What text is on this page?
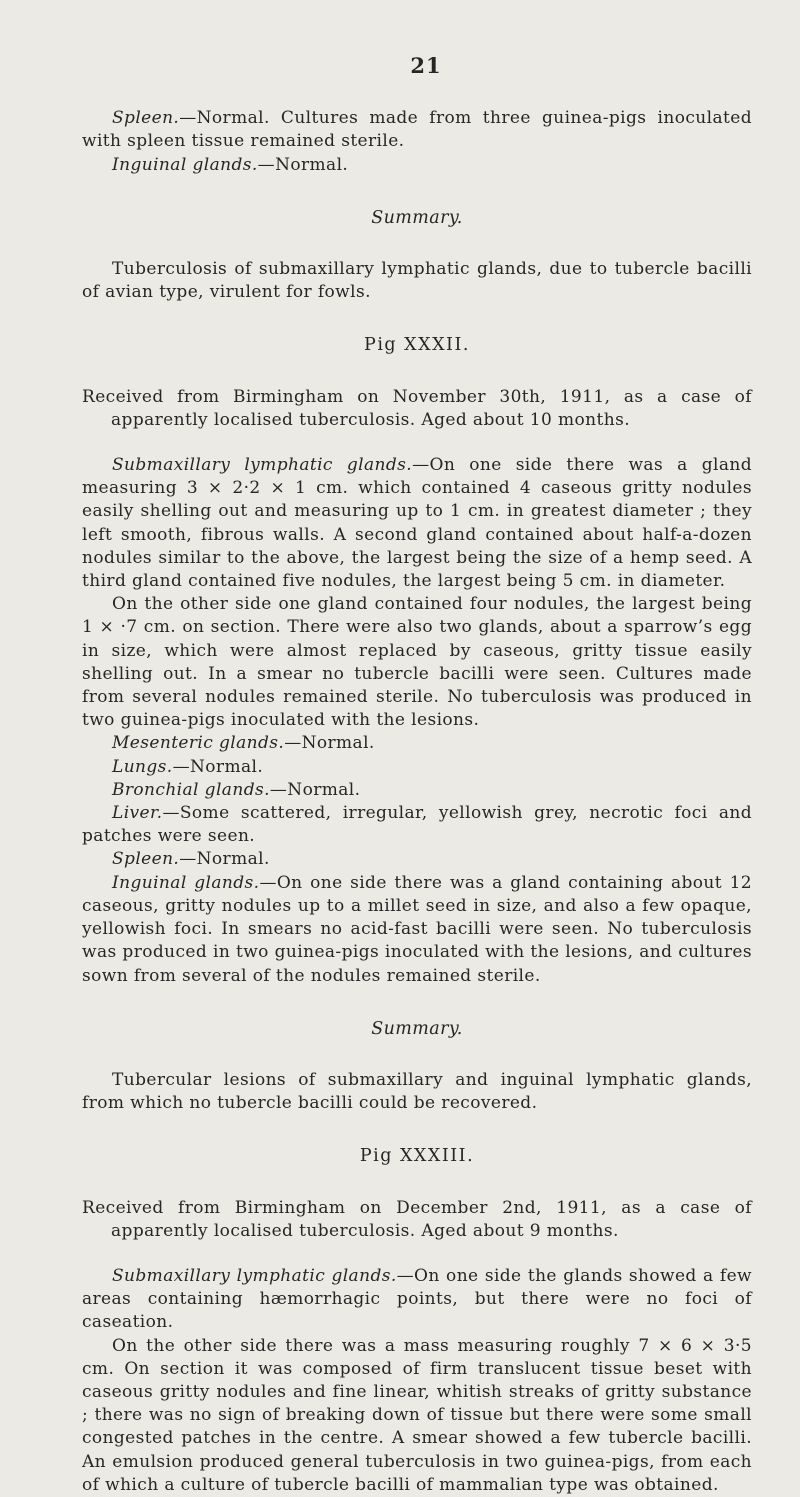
21

Spleen.—Normal. Cultures made from three guinea-pigs inoculated with spleen tissue remained sterile.

Inguinal glands.—Normal.

Summary.

Tuberculosis of submaxillary lymphatic glands, due to tubercle bacilli of avian type, virulent for fowls.

Pig XXXII.

Received from Birmingham on November 30th, 1911, as a case of apparently localised tuberculosis. Aged about 10 months.

Submaxillary lymphatic glands.—On one side there was a gland measuring 3 × 2·2 × 1 cm. which contained 4 caseous gritty nodules easily shelling out and measuring up to 1 cm. in greatest diameter ; they left smooth, fibrous walls. A second gland contained about half-a-dozen nodules similar to the above, the largest being the size of a hemp seed. A third gland contained five nodules, the largest being 5 cm. in diameter.

On the other side one gland contained four nodules, the largest being 1 × ·7 cm. on section. There were also two glands, about a sparrow’s egg in size, which were almost replaced by caseous, gritty tissue easily shelling out. In a smear no tubercle bacilli were seen. Cultures made from several nodules remained sterile. No tuberculosis was produced in two guinea-pigs inoculated with the lesions.

Mesenteric glands.—Normal.

Lungs.—Normal.

Bronchial glands.—Normal.

Liver.—Some scattered, irregular, yellowish grey, necrotic foci and patches were seen.

Spleen.—Normal.

Inguinal glands.—On one side there was a gland containing about 12 caseous, gritty nodules up to a millet seed in size, and also a few opaque, yellowish foci. In smears no acid-fast bacilli were seen. No tuberculosis was produced in two guinea-pigs inoculated with the lesions, and cultures sown from several of the nodules remained sterile.

Summary.

Tubercular lesions of submaxillary and inguinal lymphatic glands, from which no tubercle bacilli could be recovered.

Pig XXXIII.

Received from Birmingham on December 2nd, 1911, as a case of apparently localised tuberculosis. Aged about 9 months.

Submaxillary lymphatic glands.—On one side the glands showed a few areas containing hæmorrhagic points, but there were no foci of caseation.

On the other side there was a mass measuring roughly 7 × 6 × 3·5 cm. On section it was composed of firm translucent tissue beset with caseous gritty nodules and fine linear, whitish streaks of gritty substance ; there was no sign of breaking down of tissue but there were some small congested patches in the centre. A smear showed a few tubercle bacilli. An emulsion produced general tuberculosis in two guinea-pigs, from each of which a culture of tubercle bacilli of mammalian type was obtained.
